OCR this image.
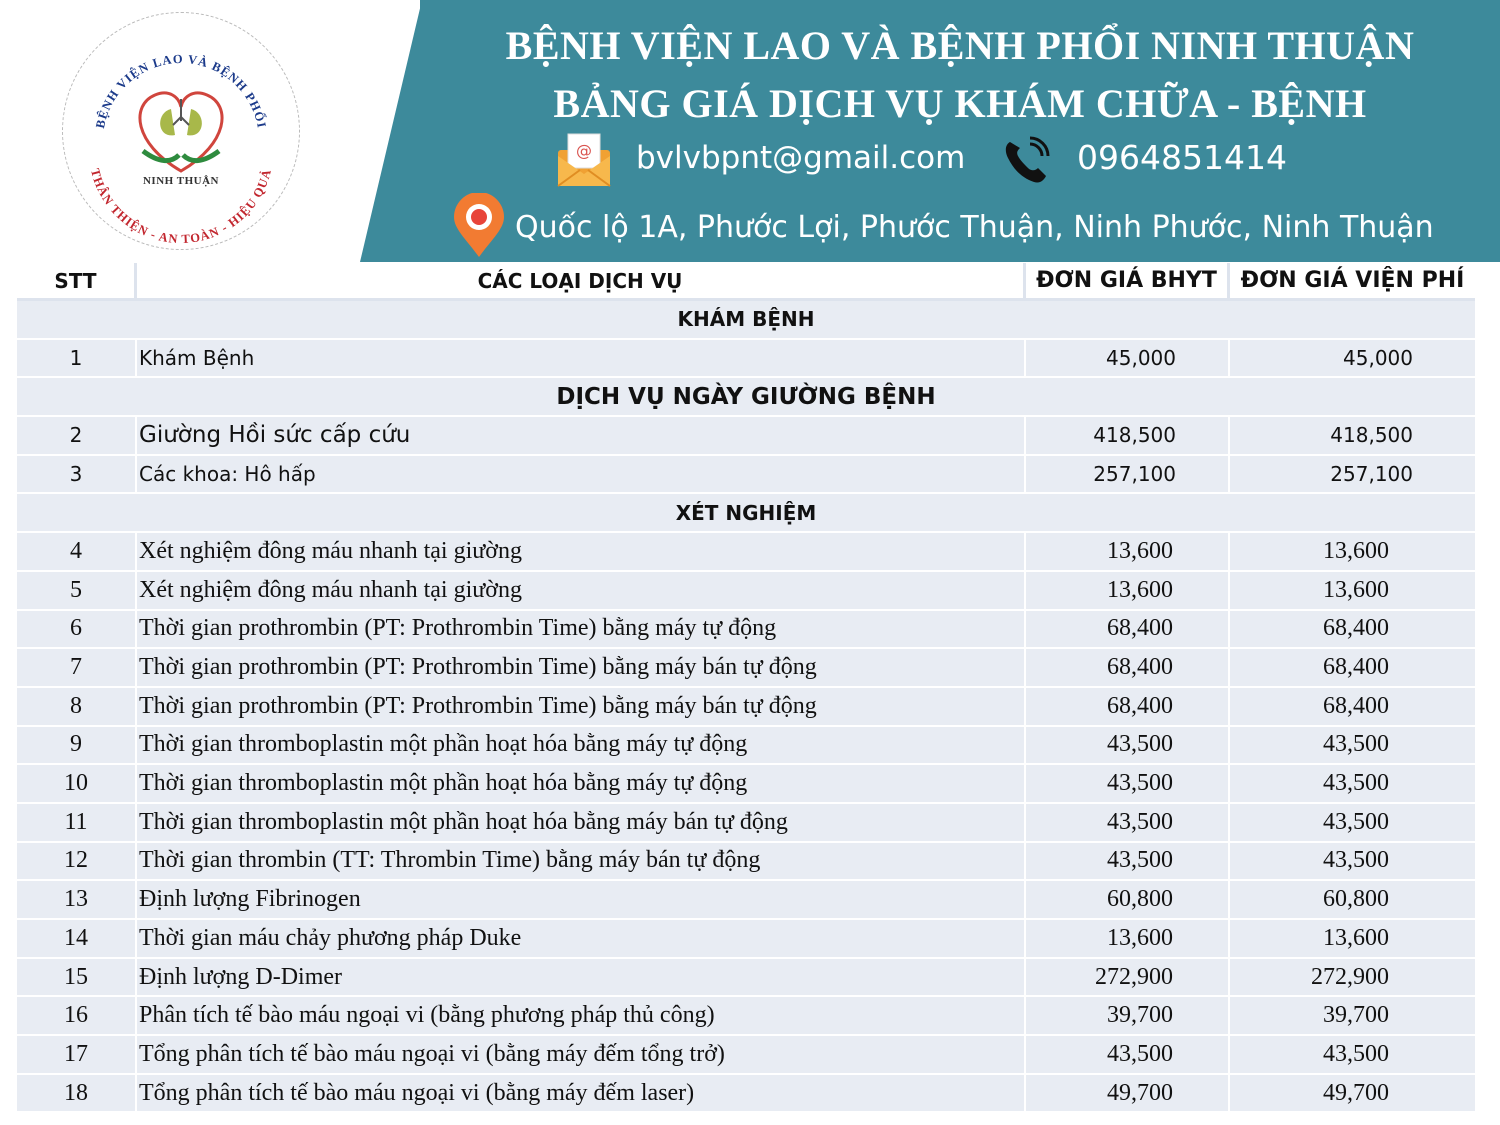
BỆNH VIỆN LAO VÀ BỆNH PHỔI
THÂN THIỆN - AN TOÀN - HIỆU QUẢ
NINH THUẬN
BỆNH VIỆN LAO VÀ BỆNH PHỔI NINH THUẬN
BẢNG GIÁ DỊCH VỤ KHÁM CHỮA - BỆNH
@ bvlvbpnt@gmail.com	0964851414
Quốc lộ 1A, Phước Lợi, Phước Thuận, Ninh Phước, Ninh Thuận
STT	CÁC LOẠI DỊCH VỤ	ĐƠN GIÁ BHYT	ĐƠN GIÁ VIỆN PHÍ
KHÁM BỆNH
1	Khám Bệnh	45,000	45,000
DỊCH VỤ NGÀY GIƯỜNG BỆNH
2	Giường Hồi sức cấp cứu	418,500	418,500
3	Các khoa: Hô hấp	257,100	257,100
XÉT NGHIỆM
4	Xét nghiệm đông máu nhanh tại giường	13,600	13,600
5	Xét nghiệm đông máu nhanh tại giường	13,600	13,600
6	Thời gian prothrombin (PT: Prothrombin Time) bằng máy tự động	68,400	68,400
7	Thời gian prothrombin (PT: Prothrombin Time) bằng máy bán tự động	68,400	68,400
8	Thời gian prothrombin (PT: Prothrombin Time) bằng máy bán tự động	68,400	68,400
9	Thời gian thromboplastin một phần hoạt hóa bằng máy tự động	43,500	43,500
10	Thời gian thromboplastin một phần hoạt hóa bằng máy tự động	43,500	43,500
11	Thời gian thromboplastin một phần hoạt hóa bằng máy bán tự động	43,500	43,500
12	Thời gian thrombin (TT: Thrombin Time) bằng máy bán tự động	43,500	43,500
13	Định lượng Fibrinogen	60,800	60,800
14	Thời gian máu chảy phương pháp Duke	13,600	13,600
15	Định lượng D-Dimer	272,900	272,900
16	Phân tích tế bào máu ngoại vi (bằng phương pháp thủ công)	39,700	39,700
17	Tổng phân tích tế bào máu ngoại vi (bằng máy đếm tổng trở)	43,500	43,500
18	Tổng phân tích tế bào máu ngoại vi (bằng máy đếm laser)	49,700	49,700
